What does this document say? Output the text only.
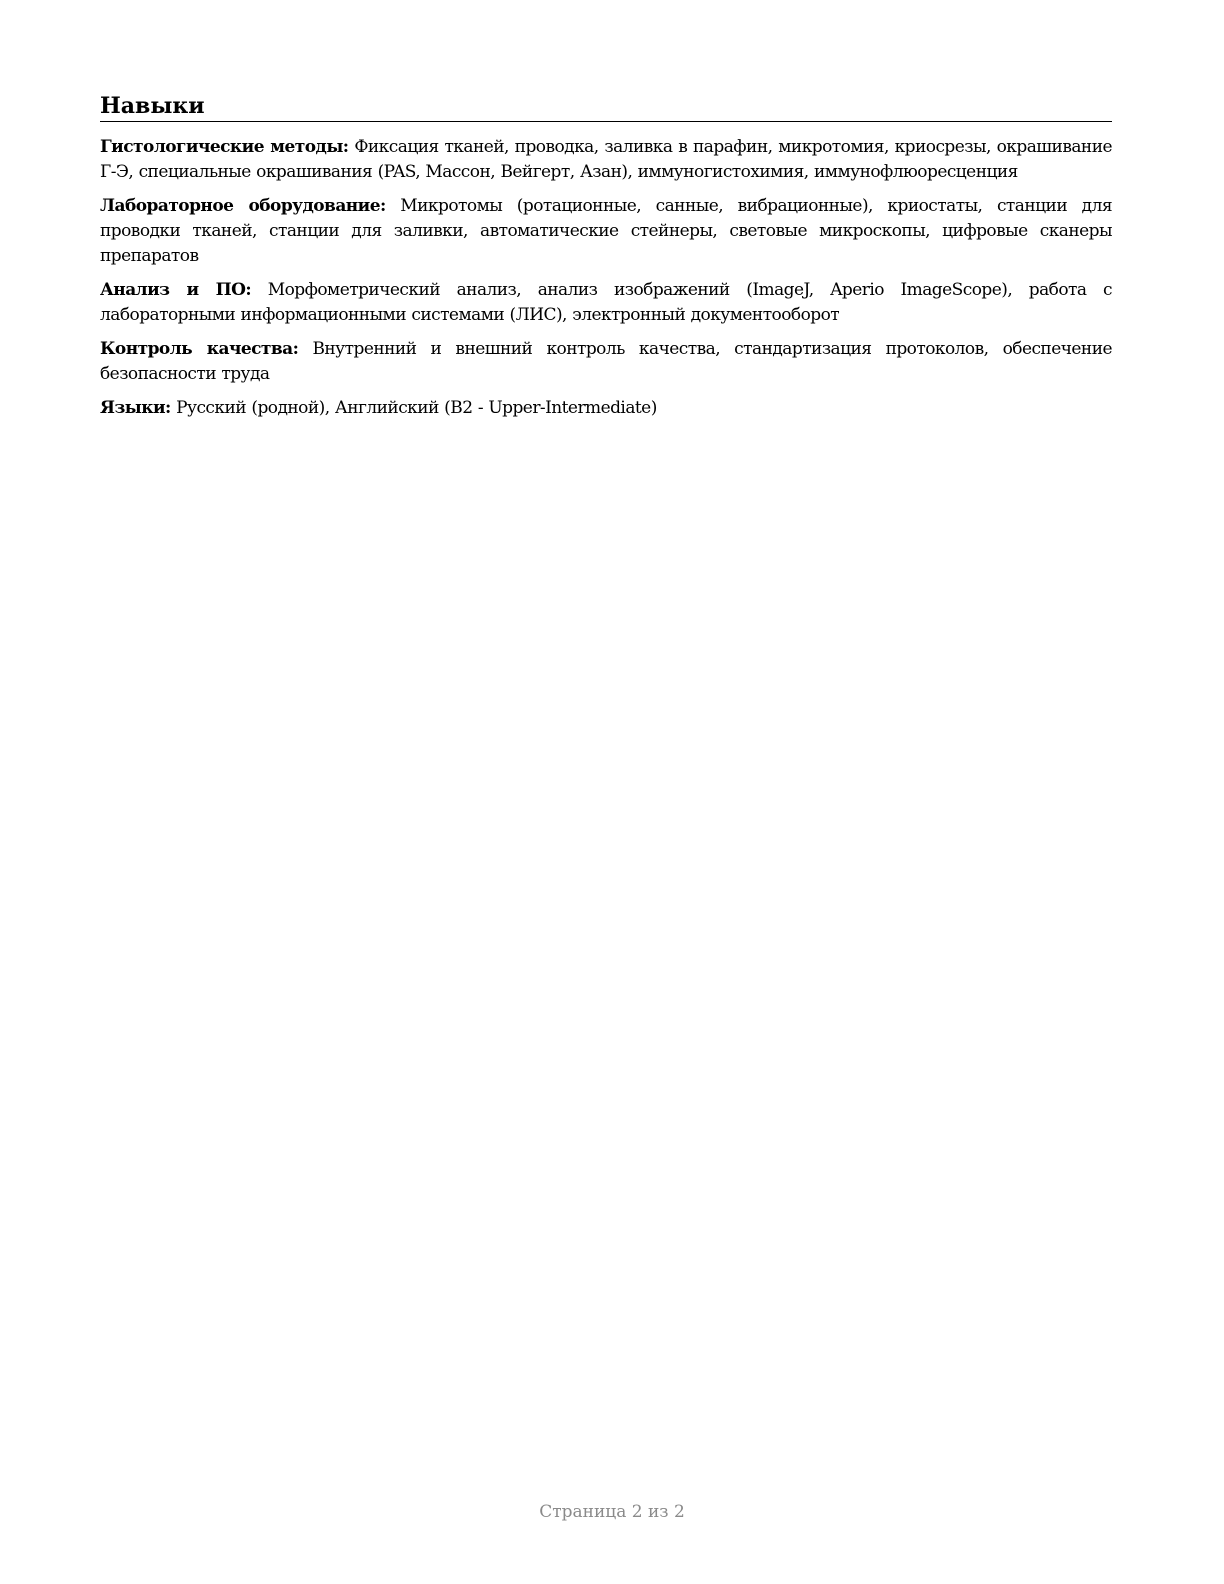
Навыки

Гистологические методы: Фиксация тканей, проводка, заливка в парафин, микротомия, криосрезы, окрашивание Г-Э, специальные окрашивания (PAS, Массон, Вейгерт, Азан), иммуногистохимия, иммунофлюоресценция

Лабораторное оборудование: Микротомы (ротационные, санные, вибрационные), криостаты, станции для проводки тканей, станции для заливки, автоматические стейнеры, световые микроскопы, цифровые сканеры препаратов

Анализ и ПО: Морфометрический анализ, анализ изображений (ImageJ, Aperio ImageScope), работа с лабораторными информационными системами (ЛИС), электронный документооборот

Контроль качества: Внутренний и внешний контроль качества, стандартизация протоколов, обеспечение безопасности труда

Языки: Русский (родной), Английский (B2 - Upper-Intermediate)

Страница 2 из 2
